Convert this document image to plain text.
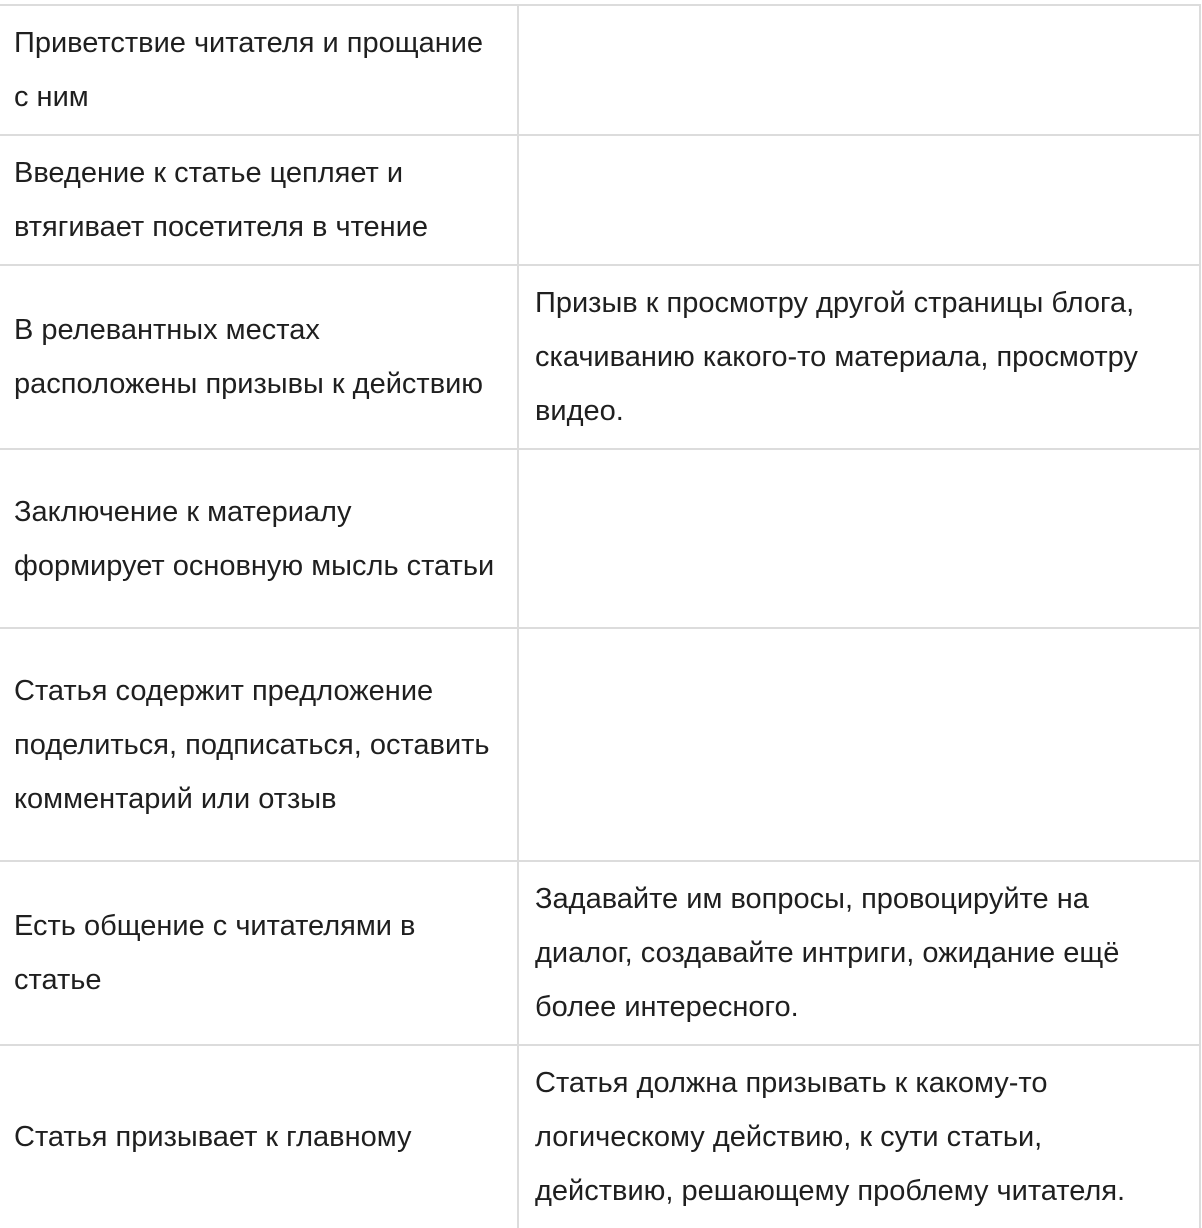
Приветствие читателя и прощание с ним	
Введение к статье цепляет и втягивает посетителя в чтение	
В релевантных местах расположены призывы к действию	Призыв к просмотру другой страницы блога, скачиванию какого-то материала, просмотру видео.
Заключение к материалу формирует основную мысль статьи	
Статья содержит предложение поделиться, подписаться, оставить комментарий или отзыв	
Есть общение с читателями в статье	Задавайте им вопросы, провоцируйте на диалог, создавайте интриги, ожидание ещё более интересного.
Статья призывает к главному	Статья должна призывать к какому-то логическому действию, к сути статьи, действию, решающему проблему читателя.
